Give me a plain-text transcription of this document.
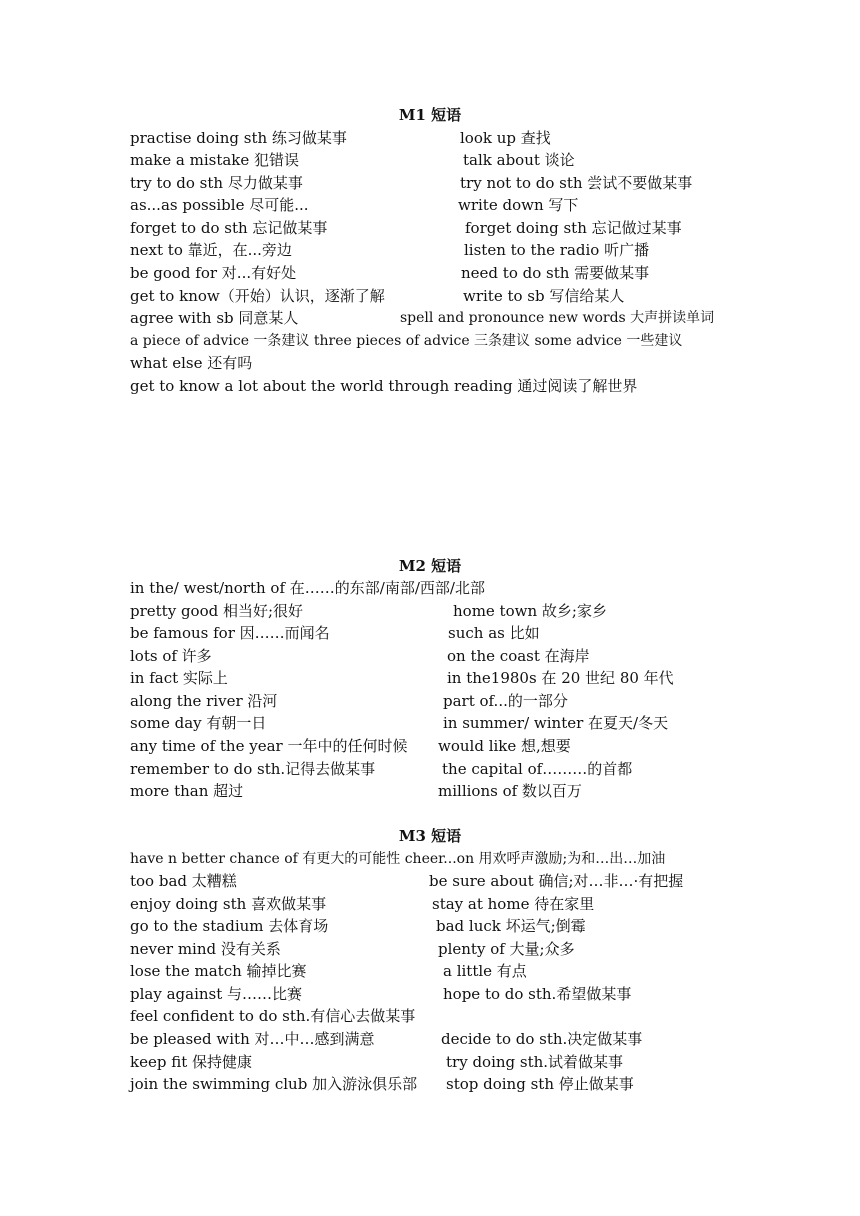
M1 短语
practise doing sth 练习做某事	look up 查找
make a mistake 犯错误	talk about 谈论
try to do sth 尽力做某事	try not to do sth 尝试不要做某事
as...as possible 尽可能...	write down 写下
forget to do sth 忘记做某事	forget doing sth 忘记做过某事
next to 靠近，在...旁边	listen to the radio 听广播
be good for 对...有好处	need to do sth 需要做某事
get to know（开始）认识，逐渐了解	write to sb 写信给某人
agree with sb 同意某人	spell and pronounce new words 大声拼读单词
a piece of advice 一条建议 three pieces of advice 三条建议 some advice 一些建议
what else 还有吗
get to know a lot about the world through reading 通过阅读了解世界
M2 短语
in the/ west/north of 在……的东部/南部/西部/北部
pretty good 相当好;很好	home town 故乡;家乡
be famous for 因……而闻名	such as 比如
lots of 许多	on the coast 在海岸
in fact 实际上	in the1980s 在 20 世纪 80 年代
along the river 沿河	part of...的一部分
some day 有朝一日	in summer/ winter 在夏天/冬天
any time of the year 一年中的任何时候 would like 想,想要
remember to do sth.记得去做某事	the capital of………的首都
more than 超过	millions of 数以百万
M3 短语
have n better chance of 有更大的可能性 cheer...on 用欢呼声激励;为和…出…加油
too bad 太糟糕	be sure about 确信;对…非…·有把握
enjoy doing sth 喜欢做某事	stay at home 待在家里
go to the stadium 去体育场	bad luck 坏运气;倒霉
never mind 没有关系	plenty of 大量;众多
lose the match 输掉比赛	a little 有点
play against 与……比赛	hope to do sth.希望做某事
feel confident to do sth.有信心去做某事
be pleased with 对…中…感到满意	decide to do sth.决定做某事
keep fit 保持健康	try doing sth.试着做某事
join the swimming club 加入游泳俱乐部 stop doing sth 停止做某事
